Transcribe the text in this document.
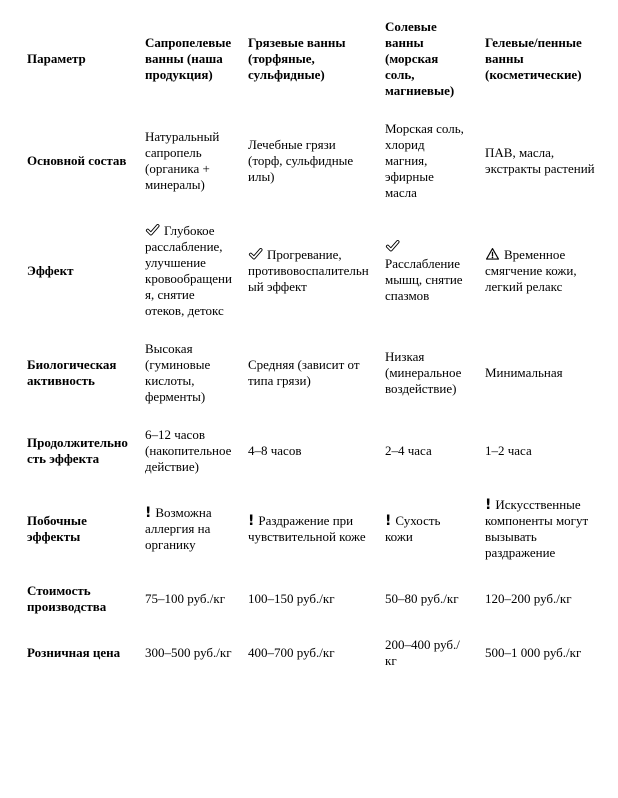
Параметр	Сапропелевые ванны (наша продукция)	Грязевые ванны (торфяные, сульфидные)	Солевые ванны (морская соль, магниевые)	Гелевые/пенные ванны (косметические)
Основной состав	Натуральный сапропель (органика + минералы)	Лечебные грязи (торф, сульфидные илы)	Морская соль, хлорид магния, эфирные масла	ПАВ, масла, экстракты растений
Эффект	Глубокое расслабление, улучшение кровообращения, снятие отеков, детокс	Прогревание, противовоспалительный эффект	Расслабление мышц, снятие спазмов	Временное смягчение кожи, легкий релакс
Биологическая активность	Высокая (гуминовые кислоты, ферменты)	Средняя (зависит от типа грязи)	Низкая (минеральное воздействие)	Минимальная
Продолжительность эффекта	6–12 часов (накопительное действие)	4–8 часов	2–4 часа	1–2 часа
Побочные эффекты	! Возможна аллергия на органику	! Раздражение при чувствительной коже	! Сухость кожи	! Искусственные компоненты могут вызывать раздражение
Стоимость производства	75–100 руб./кг	100–150 руб./кг	50–80 руб./кг	120–200 руб./кг
Розничная цена	300–500 руб./кг	400–700 руб./кг	200–400 руб./кг	500–1 000 руб./кг
